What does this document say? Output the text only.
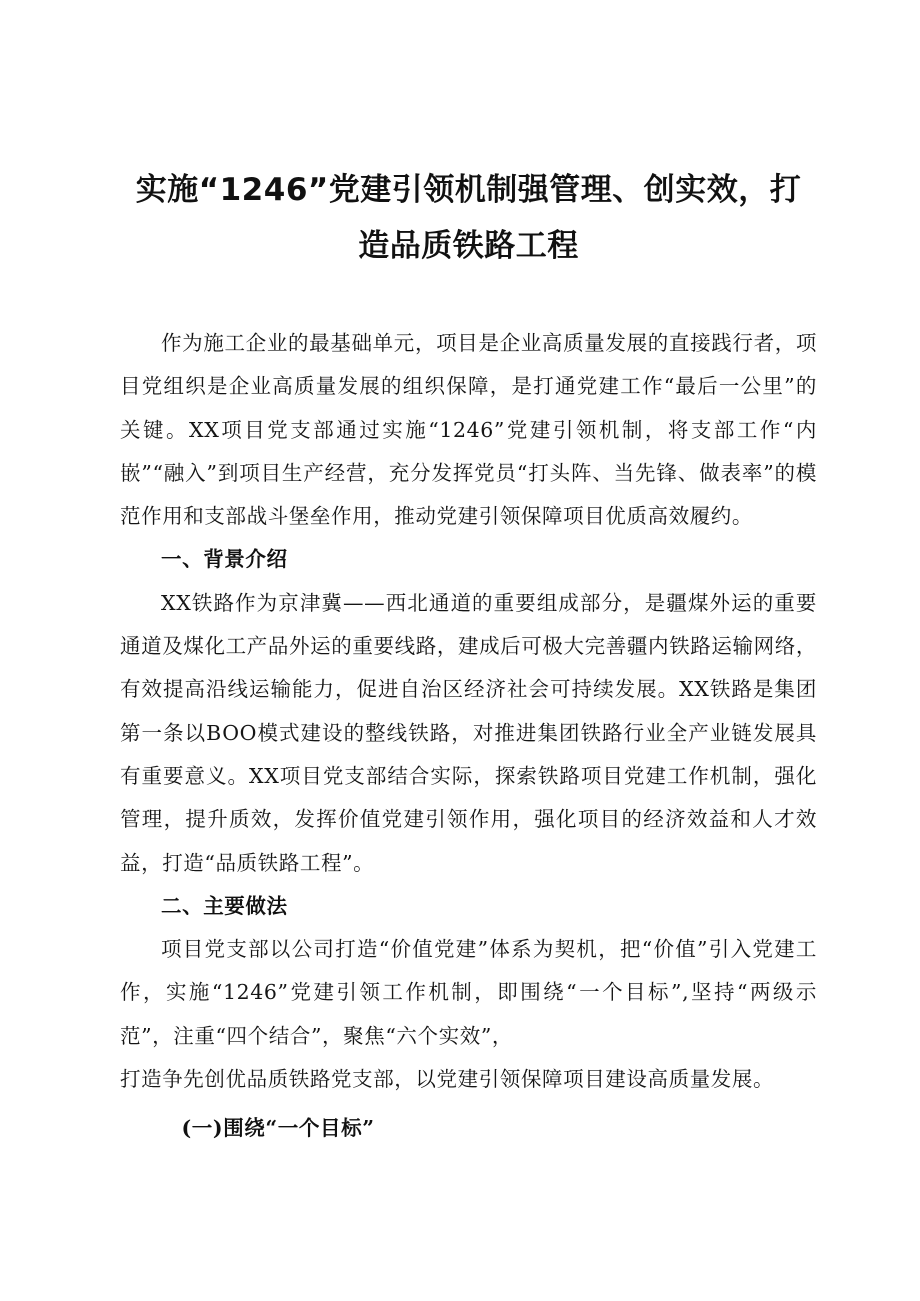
实施“1246”党建引领机制强管理、创实效，打造品质铁路工程

作为施工企业的最基础单元，项目是企业高质量发展的直接践行者，项目党组织是企业高质量发展的组织保障，是打通党建工作“最后一公里”的关键。XX项目党支部通过实施“1246”党建引领机制，将支部工作“内嵌”“融入”到项目生产经营，充分发挥党员“打头阵、当先锋、做表率”的模范作用和支部战斗堡垒作用，推动党建引领保障项目优质高效履约。

一、背景介绍

XX铁路作为京津冀——西北通道的重要组成部分，是疆煤外运的重要通道及煤化工产品外运的重要线路，建成后可极大完善疆内铁路运输网络，有效提高沿线运输能力，促进自治区经济社会可持续发展。XX铁路是集团第一条以BOO模式建设的整线铁路，对推进集团铁路行业全产业链发展具有重要意义。XX项目党支部结合实际，探索铁路项目党建工作机制，强化管理，提升质效，发挥价值党建引领作用，强化项目的经济效益和人才效益，打造“品质铁路工程”。

二、主要做法

项目党支部以公司打造“价值党建”体系为契机，把“价值”引入党建工作，实施“1246”党建引领工作机制，即围绕“一个目标”,坚持“两级示范”，注重“四个结合”，聚焦“六个实效”，

打造争先创优品质铁路党支部，以党建引领保障项目建设高质量发展。

(一)围绕“一个目标”
